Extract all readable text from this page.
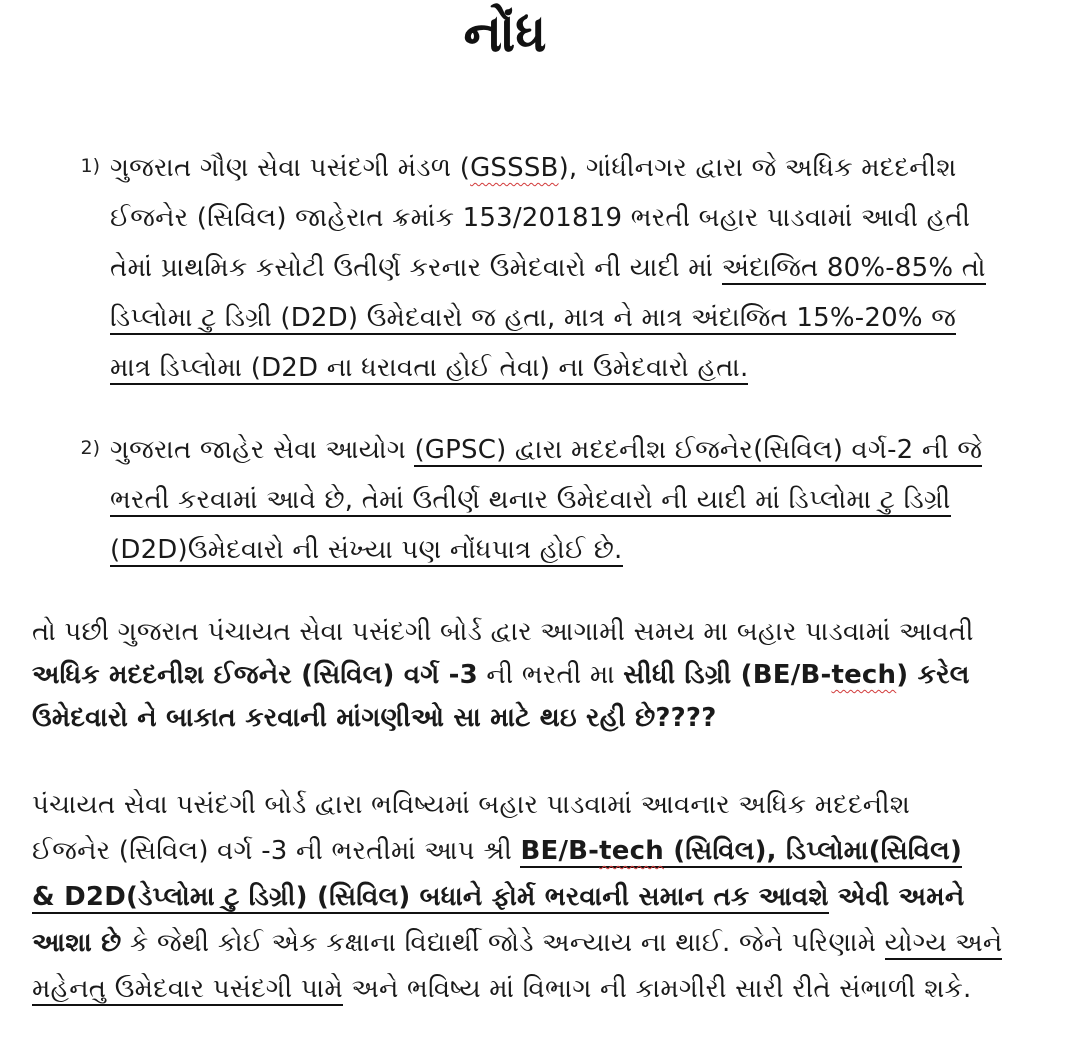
નોંધ
1) ગુજરાત ગૌણ સેવા પસંદગી મંડળ (GSSSB), ગાંધીનગર દ્વારા જે અધિક મદદનીશ
ઈજનેર (સિવિલ) જાહેરાત ક્રમાંક 153/201819 ભરતી બહાર પાડવામાં આવી હતી
તેમાં પ્રાથમિક કસોટી ઉતીર્ણ કરનાર ઉમેદવારો ની યાદી માં અંદાજિત 80%-85% તો
ડિપ્લોમા ટુ ડિગ્રી (D2D) ઉમેદવારો જ હતા, માત્ર ને માત્ર અંદાજિત 15%-20% જ
માત્ર ડિપ્લોમા (D2D ના ધરાવતા હોઈ તેવા) ના ઉમેદવારો હતા.
2) ગુજરાત જાહેર સેવા આયોગ (GPSC) દ્વારા મદદનીશ ઈજનેર(સિવિલ) વર્ગ-2 ની જે
ભરતી કરવામાં આવે છે, તેમાં ઉતીર્ણ થનાર ઉમેદવારો ની યાદી માં ડિપ્લોમા ટુ ડિગ્રી
(D2D)ઉમેદવારો ની સંખ્યા પણ નોંધપાત્ર હોઈ છે.
તો પછી ગુજરાત પંચાયત સેવા પસંદગી બોર્ડ દ્વાર આગામી સમય મા બહાર પાડવામાં આવતી
અધિક મદદનીશ ઈજનેર (સિવિલ) વર્ગ -3 ની ભરતી મા સીધી ડિગ્રી (BE/B-tech) કરેલ
ઉમેદવારો ને બાકાત કરવાની માંગણીઓ સા માટે થઇ રહી છે????
પંચાયત સેવા પસંદગી બોર્ડ દ્વારા ભવિષ્યમાં બહાર પાડવામાં આવનાર અધિક મદદનીશ
ઈજનેર (સિવિલ) વર્ગ -3 ની ભરતીમાં આપ શ્રી BE/B-tech (સિવિલ), ડિપ્લોમા(સિવિલ)
& D2D(ડેપ્લોમા ટુ ડિગ્રી) (સિવિલ) બધાને ફોર્મ ભરવાની સમાન તક આવશે એવી અમને
આશા છે કે જેથી કોઈ એક કક્ષાના વિદ્યાર્થી જોડે અન્યાય ના થાઈ. જેને પરિણામે યોગ્ય અને
મહેનતુ ઉમેદવાર પસંદગી પામે અને ભવિષ્ય માં વિભાગ ની કામગીરી સારી રીતે સંભાળી શકે.
